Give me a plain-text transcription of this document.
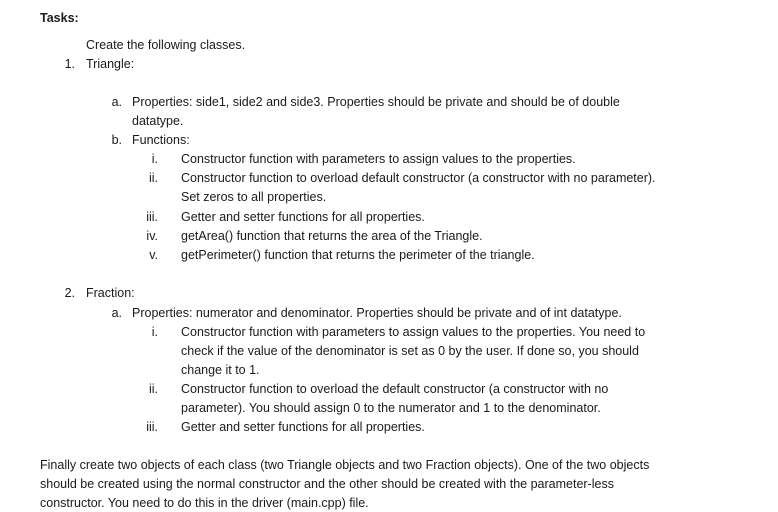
Tasks:
Create the following classes.
1. Triangle:
a. Properties: side1, side2 and side3. Properties should be private and should be of double
datatype.
b. Functions:
i. Constructor function with parameters to assign values to the properties.
ii. Constructor function to overload default constructor (a constructor with no parameter).
Set zeros to all properties.
iii. Getter and setter functions for all properties.
iv. getArea() function that returns the area of the Triangle.
v. getPerimeter() function that returns the perimeter of the triangle.
2. Fraction:
a. Properties: numerator and denominator. Properties should be private and of int datatype.
i. Constructor function with parameters to assign values to the properties. You need to
check if the value of the denominator is set as 0 by the user. If done so, you should
change it to 1.
ii. Constructor function to overload the default constructor (a constructor with no
parameter). You should assign 0 to the numerator and 1 to the denominator.
iii. Getter and setter functions for all properties.
Finally create two objects of each class (two Triangle objects and two Fraction objects). One of the two objects
should be created using the normal constructor and the other should be created with the parameter-less
constructor. You need to do this in the driver (main.cpp) file.
